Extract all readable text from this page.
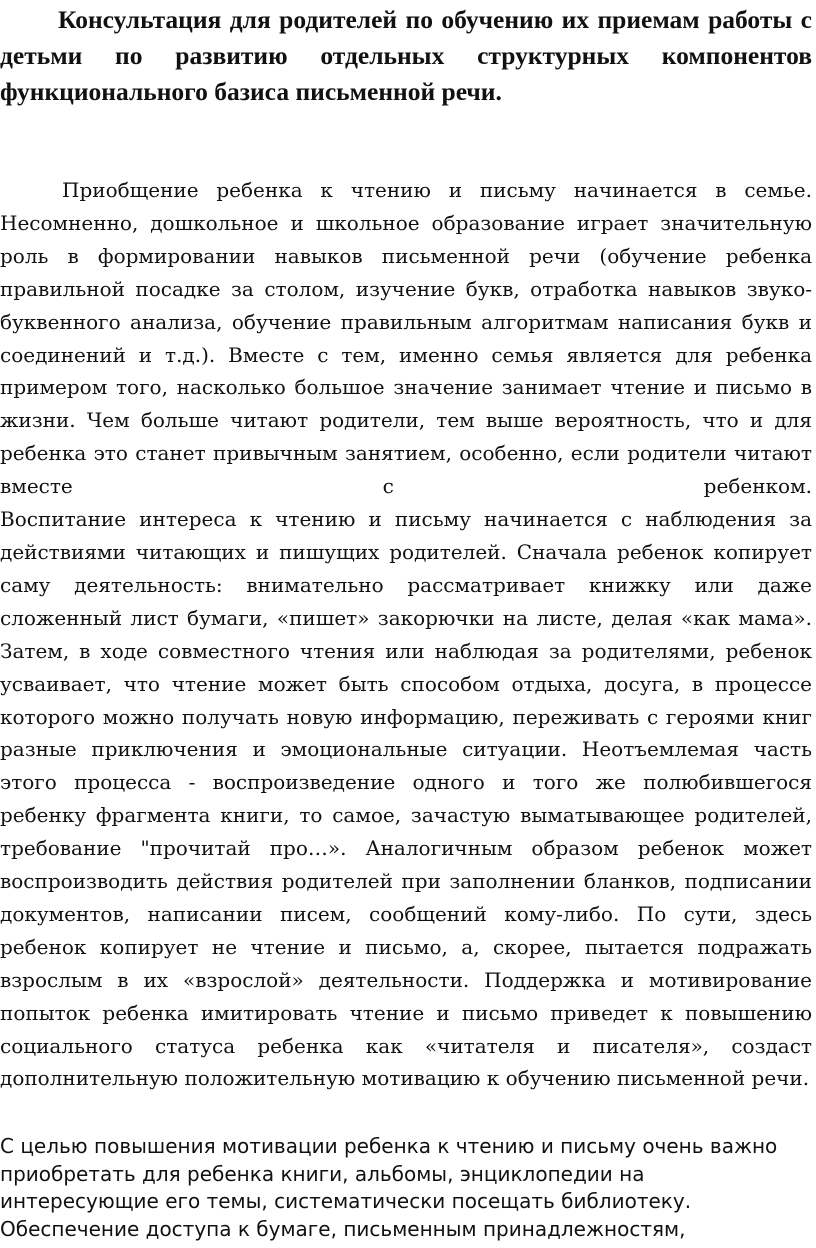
Консультация для родителей по обучению их приемам работы с детьми по развитию отдельных структурных компонентов функционального базиса письменной речи.

Приобщение ребенка к чтению и письму начинается в семье. Несомненно, дошкольное и школьное образование играет значительную роль в формировании навыков письменной речи (обучение ребенка правильной посадке за столом, изучение букв, отработка навыков звуко-буквенного анализа, обучение правильным алгоритмам написания букв и соединений и т.д.). Вместе с тем, именно семья является для ребенка примером того, насколько большое значение занимает чтение и письмо в жизни. Чем больше читают родители, тем выше вероятность, что и для ребенка это станет привычным занятием, особенно, если родители читают вместе с ребенком.
Воспитание интереса к чтению и письму начинается с наблюдения за действиями читающих и пишущих родителей. Сначала ребенок копирует саму деятельность: внимательно рассматривает книжку или даже сложенный лист бумаги, «пишет» закорючки на листе, делая «как мама». Затем, в ходе совместного чтения или наблюдая за родителями, ребенок усваивает, что чтение может быть способом отдыха, досуга, в процессе которого можно получать новую информацию, переживать с героями книг разные приключения и эмоциональные ситуации. Неотъемлемая часть этого процесса - воспроизведение одного и того же полюбившегося ребенку фрагмента книги, то самое, зачастую выматывающее родителей, требование "прочитай про…». Аналогичным образом ребенок может воспроизводить действия родителей при заполнении бланков, подписании документов, написании писем, сообщений кому-либо. По сути, здесь ребенок копирует не чтение и письмо, а, скорее, пытается подражать взрослым в их «взрослой» деятельности. Поддержка и мотивирование попыток ребенка имитировать чтение и письмо приведет к повышению социального статуса ребенка как «читателя и писателя», создаст дополнительную положительную мотивацию к обучению письменной речи.

С целью повышения мотивации ребенка к чтению и письму очень важно
приобретать для ребенка книги, альбомы, энциклопедии на
интересующие его темы, систематически посещать библиотеку.
Обеспечение доступа к бумаге, письменным принадлежностям,
